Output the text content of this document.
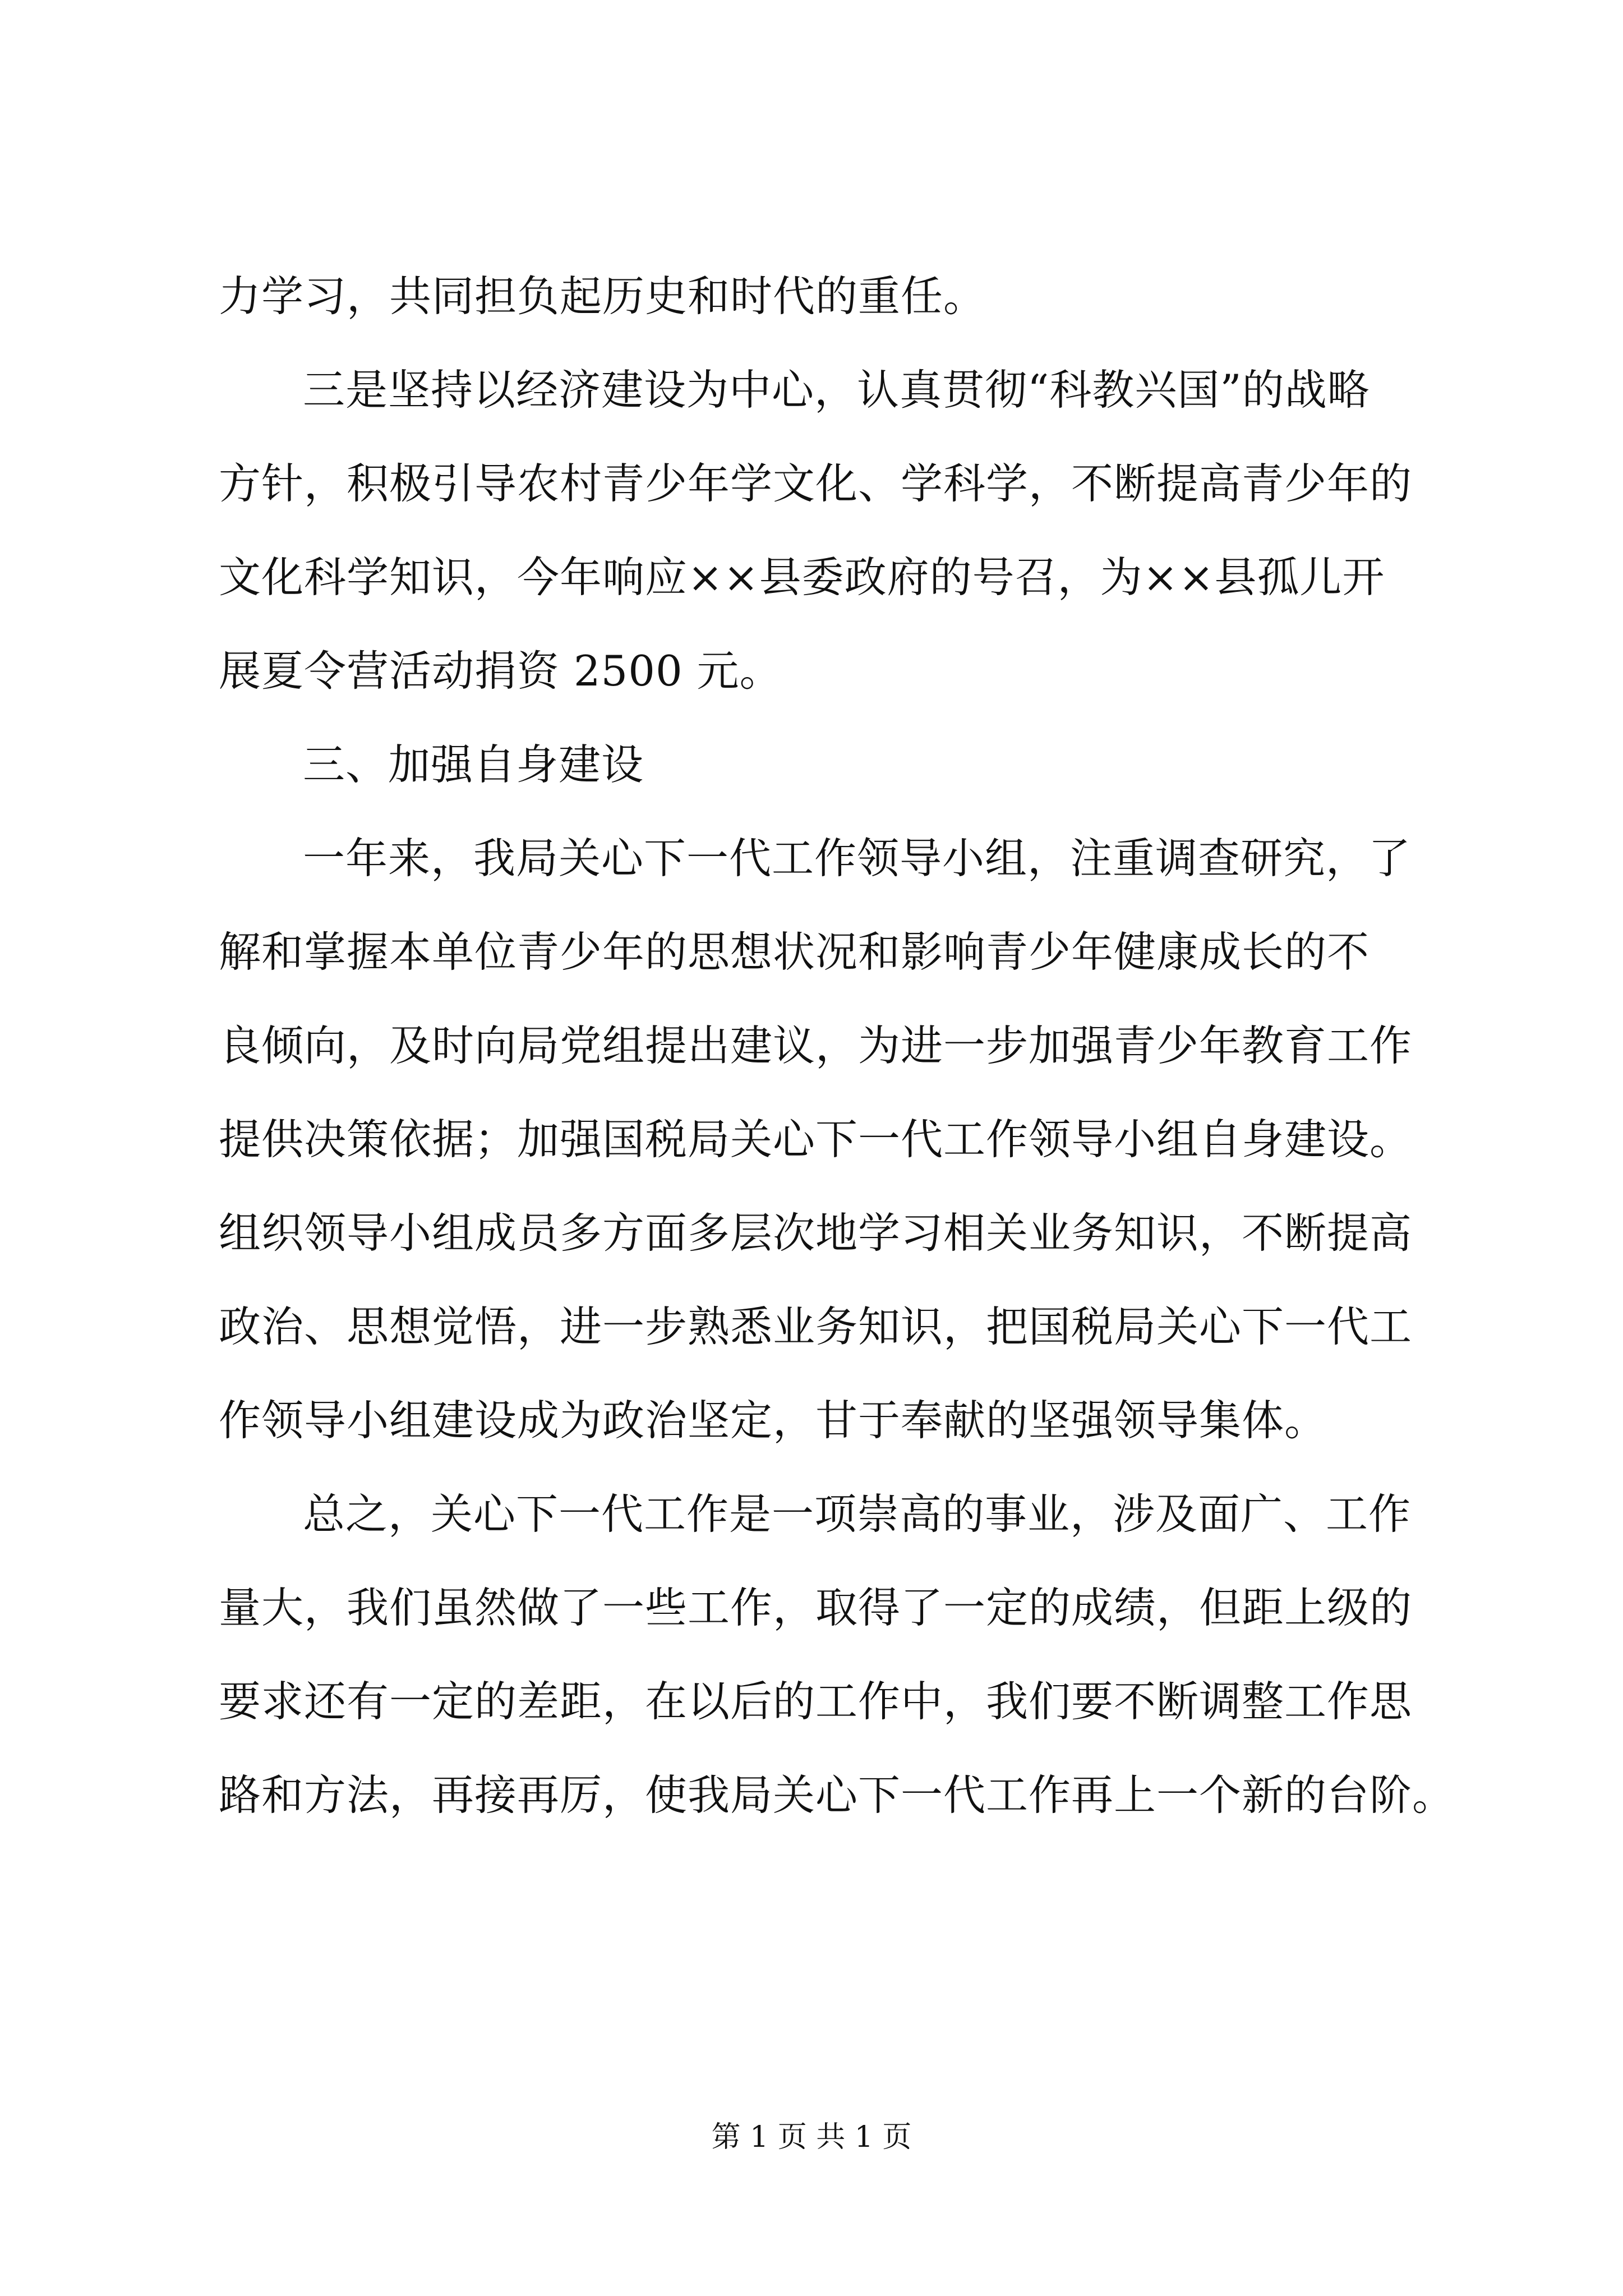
力学习，共同担负起历史和时代的重任。
三是坚持以经济建设为中心，认真贯彻“科教兴国”的战略
方针，积极引导农村青少年学文化、学科学，不断提高青少年的
文化科学知识，今年响应××县委政府的号召，为××县孤儿开
展夏令营活动捐资 2500 元。
三、加强自身建设
一年来，我局关心下一代工作领导小组，注重调查研究，了
解和掌握本单位青少年的思想状况和影响青少年健康成长的不
良倾向，及时向局党组提出建议，为进一步加强青少年教育工作
提供决策依据；加强国税局关心下一代工作领导小组自身建设。
组织领导小组成员多方面多层次地学习相关业务知识，不断提高
政治、思想觉悟，进一步熟悉业务知识，把国税局关心下一代工
作领导小组建设成为政治坚定，甘于奉献的坚强领导集体。
总之，关心下一代工作是一项崇高的事业，涉及面广、工作
量大，我们虽然做了一些工作，取得了一定的成绩，但距上级的
要求还有一定的差距，在以后的工作中，我们要不断调整工作思
路和方法，再接再厉，使我局关心下一代工作再上一个新的台阶。
第 1 页 共 1 页
